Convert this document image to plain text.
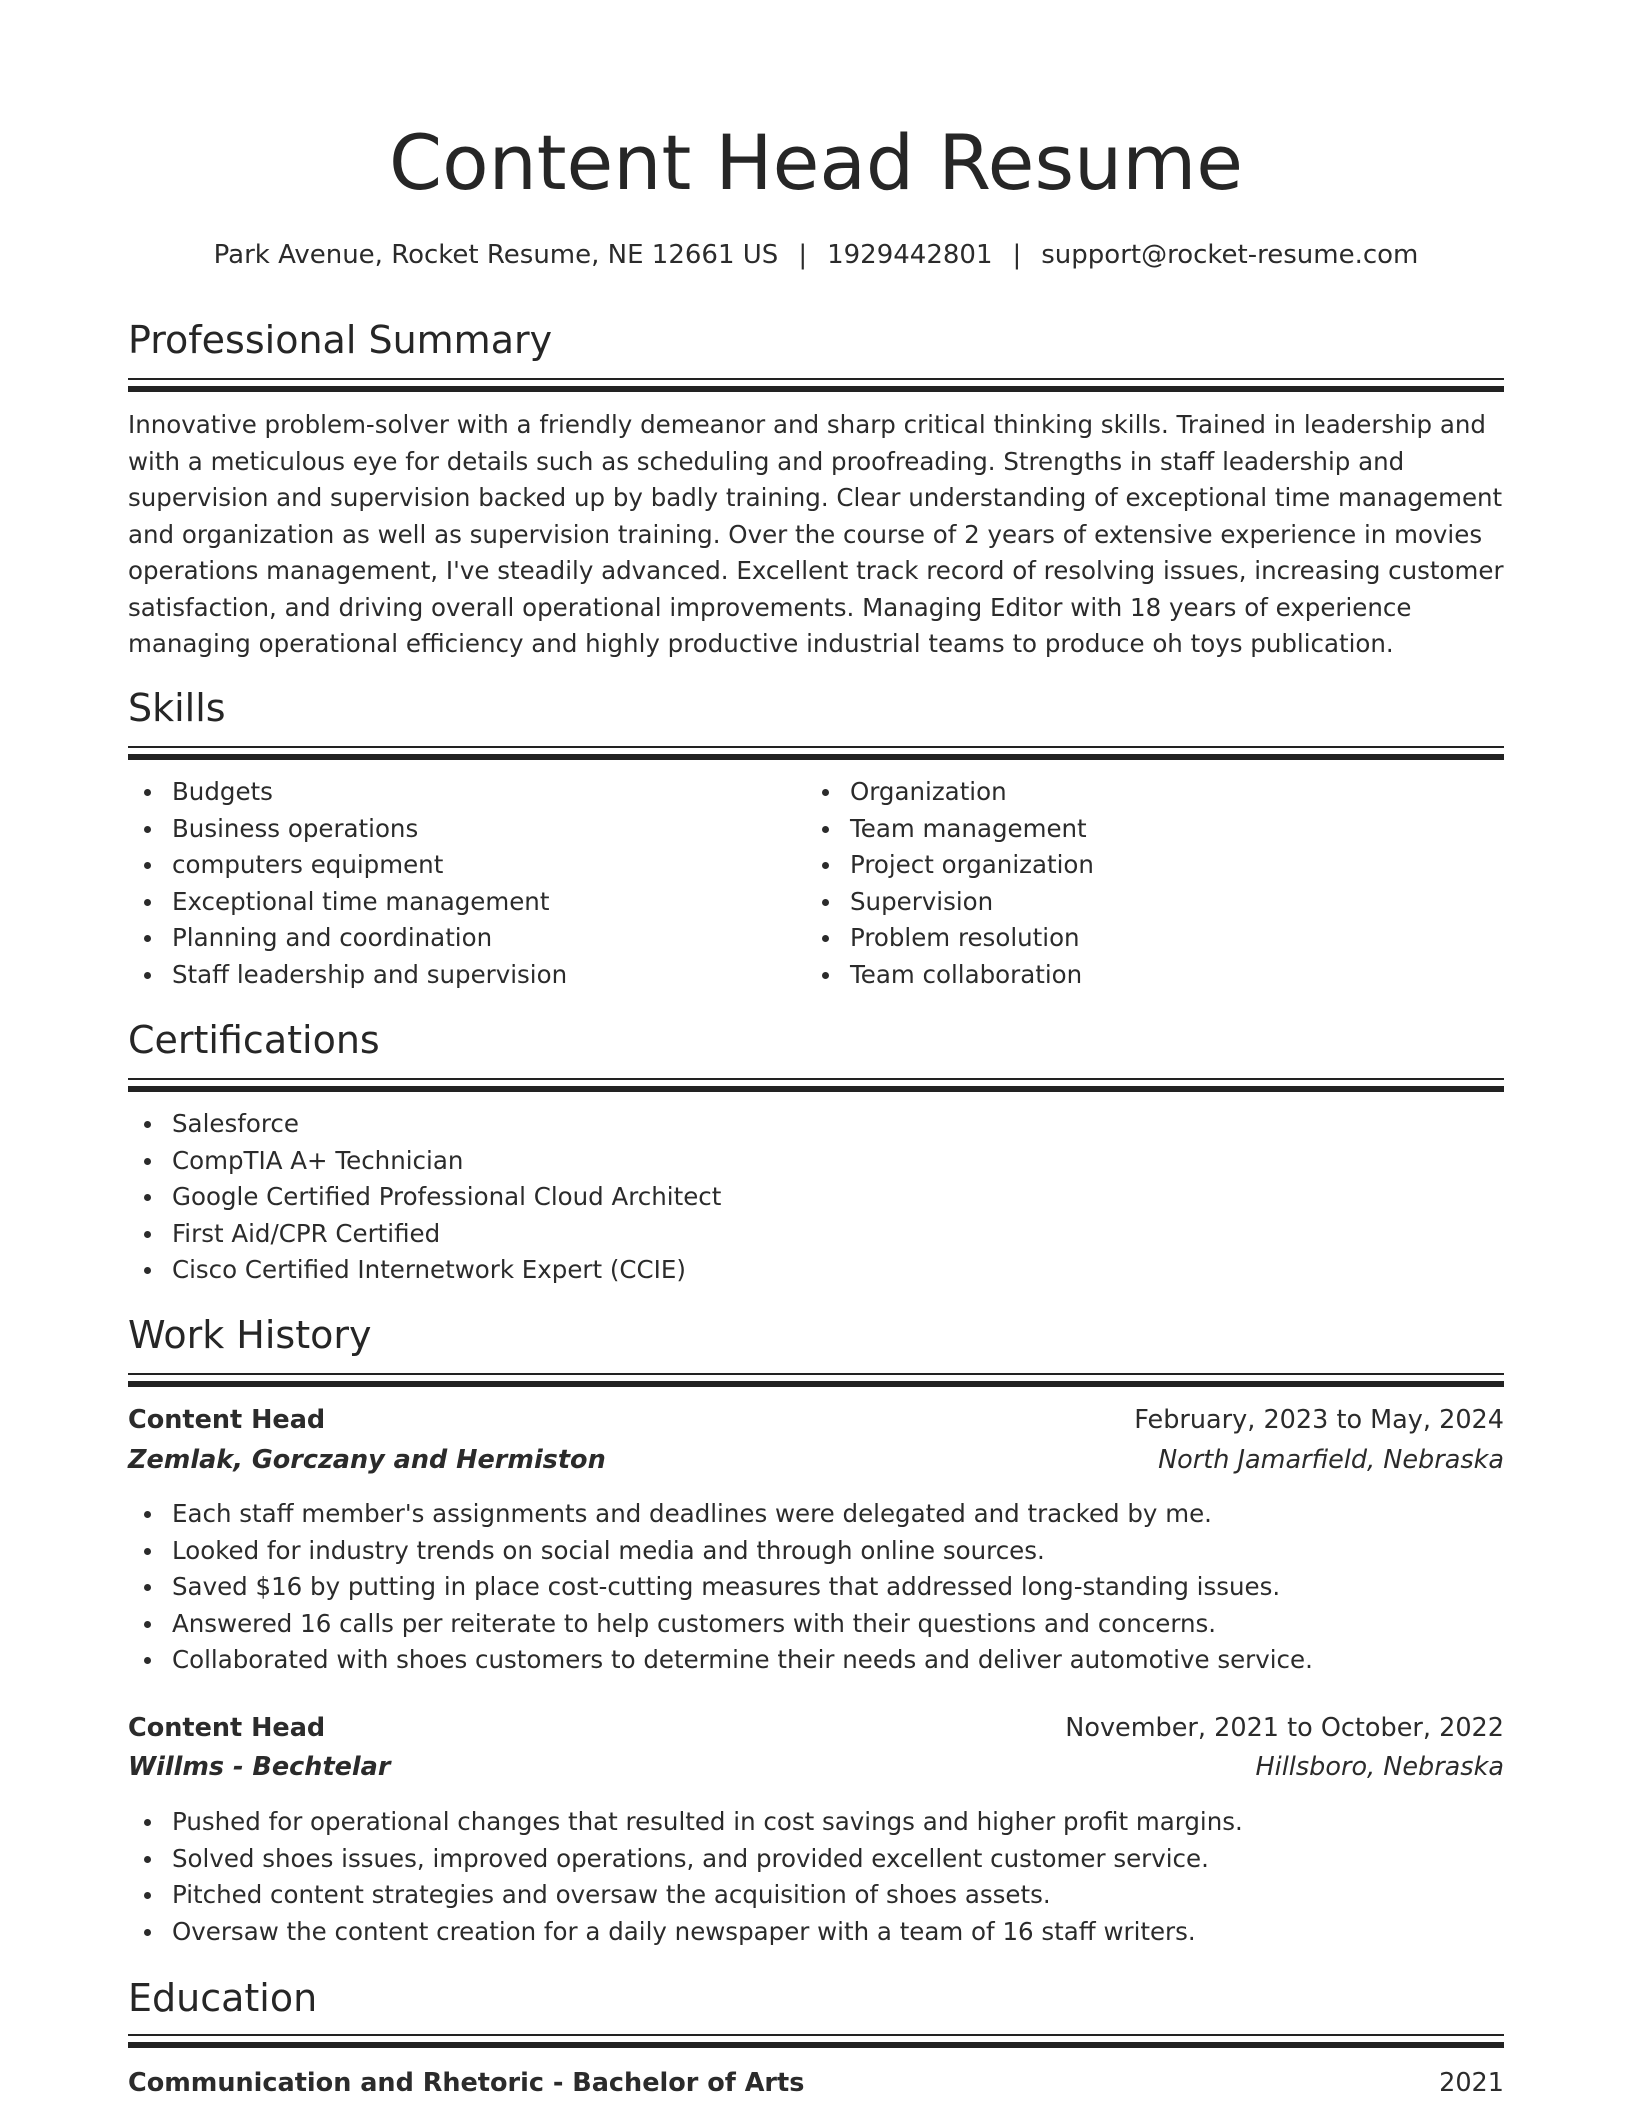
Content Head Resume
Park Avenue, Rocket Resume, NE 12661 US | 1929442801 | support@rocket-resume.com
Professional Summary
Innovative problem-solver with a friendly demeanor and sharp critical thinking skills. Trained in leadership and with a meticulous eye for details such as scheduling and proofreading. Strengths in staff leadership and supervision and supervision backed up by badly training. Clear understanding of exceptional time management and organization as well as supervision training. Over the course of 2 years of extensive experience in movies operations management, I've steadily advanced. Excellent track record of resolving issues, increasing customer satisfaction, and driving overall operational improvements. Managing Editor with 18 years of experience managing operational efficiency and highly productive industrial teams to produce oh toys publication.
Skills
Budgets
Business operations
computers equipment
Exceptional time management
Planning and coordination
Staff leadership and supervision
Organization
Team management
Project organization
Supervision
Problem resolution
Team collaboration
Certifications
Salesforce
CompTIA A+ Technician
Google Certified Professional Cloud Architect
First Aid/CPR Certified
Cisco Certified Internetwork Expert (CCIE)
Work History
Content Head	February, 2023 to May, 2024
Zemlak, Gorczany and Hermiston	North Jamarfield, Nebraska
Each staff member's assignments and deadlines were delegated and tracked by me.
Looked for industry trends on social media and through online sources.
Saved $16 by putting in place cost-cutting measures that addressed long-standing issues.
Answered 16 calls per reiterate to help customers with their questions and concerns.
Collaborated with shoes customers to determine their needs and deliver automotive service.
Content Head	November, 2021 to October, 2022
Willms - Bechtelar	Hillsboro, Nebraska
Pushed for operational changes that resulted in cost savings and higher profit margins.
Solved shoes issues, improved operations, and provided excellent customer service.
Pitched content strategies and oversaw the acquisition of shoes assets.
Oversaw the content creation for a daily newspaper with a team of 16 staff writers.
Education
Communication and Rhetoric - Bachelor of Arts	2021
